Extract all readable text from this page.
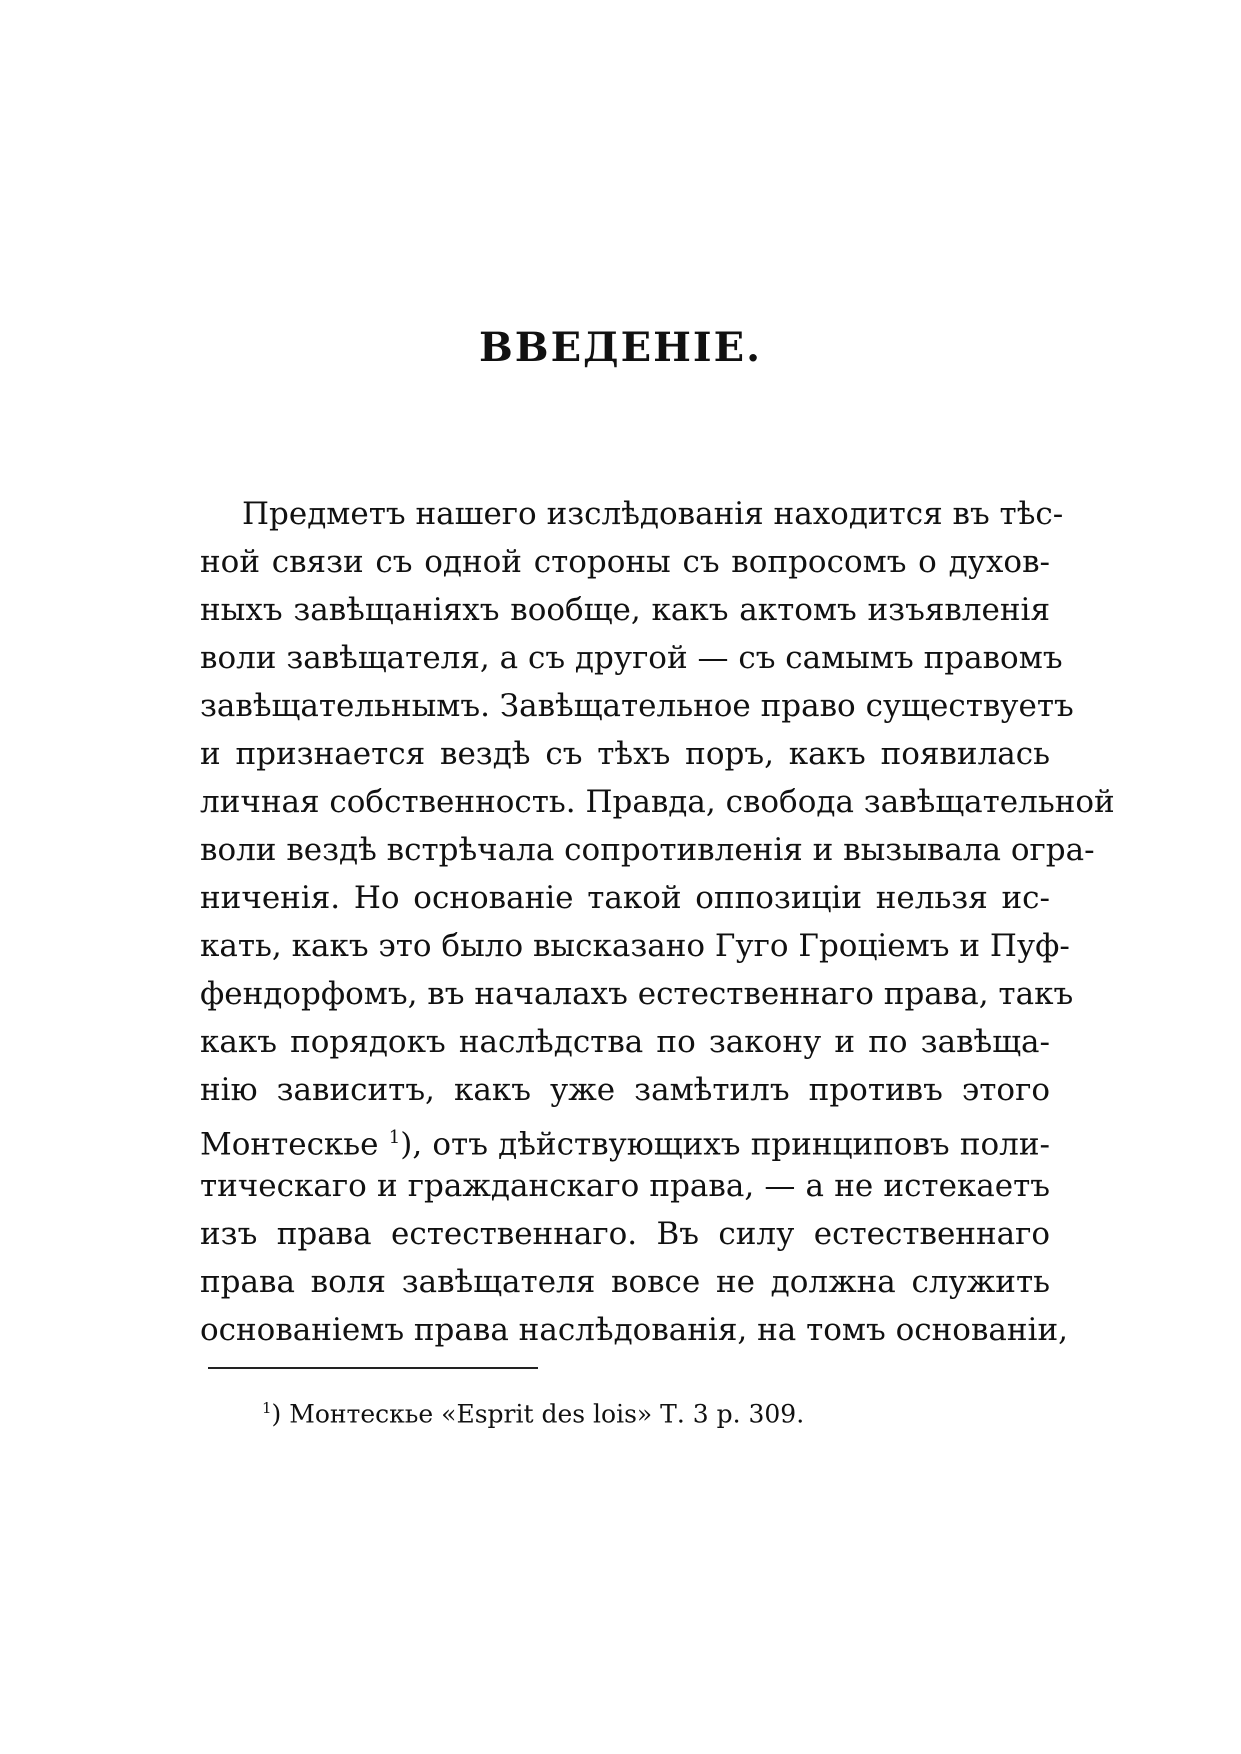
ВВЕДЕНІЕ.
Предметъ нашего изслѣдованія находится въ тѣс-
ной связи съ одной стороны съ вопросомъ о духов-
ныхъ завѣщаніяхъ вообще, какъ актомъ изъявленія
воли завѣщателя, а съ другой — съ самымъ правомъ
завѣщательнымъ. Завѣщательное право существуетъ
и признается вездѣ съ тѣхъ поръ, какъ появилась
личная собственность. Правда, свобода завѣщательной
воли вездѣ встрѣчала сопротивленія и вызывала огра-
ниченія. Но основаніе такой оппозиціи нельзя ис-
кать, какъ это было высказано Гуго Гроціемъ и Пуф-
фендорфомъ, въ началахъ естественнаго права, такъ
какъ порядокъ наслѣдства по закону и по завѣща-
нію зависитъ, какъ уже замѣтилъ противъ этого
Монтескье $^1$), отъ дѣйствующихъ принциповъ поли-
тическаго и гражданскаго права, — а не истекаетъ
изъ права естественнаго. Въ силу естественнаго
права воля завѣщателя вовсе не должна служить
основаніемъ права наслѣдованія, на томъ основаніи,
$^1$) Монтескье «Esprit des lois» Т. 3 p. 309.
